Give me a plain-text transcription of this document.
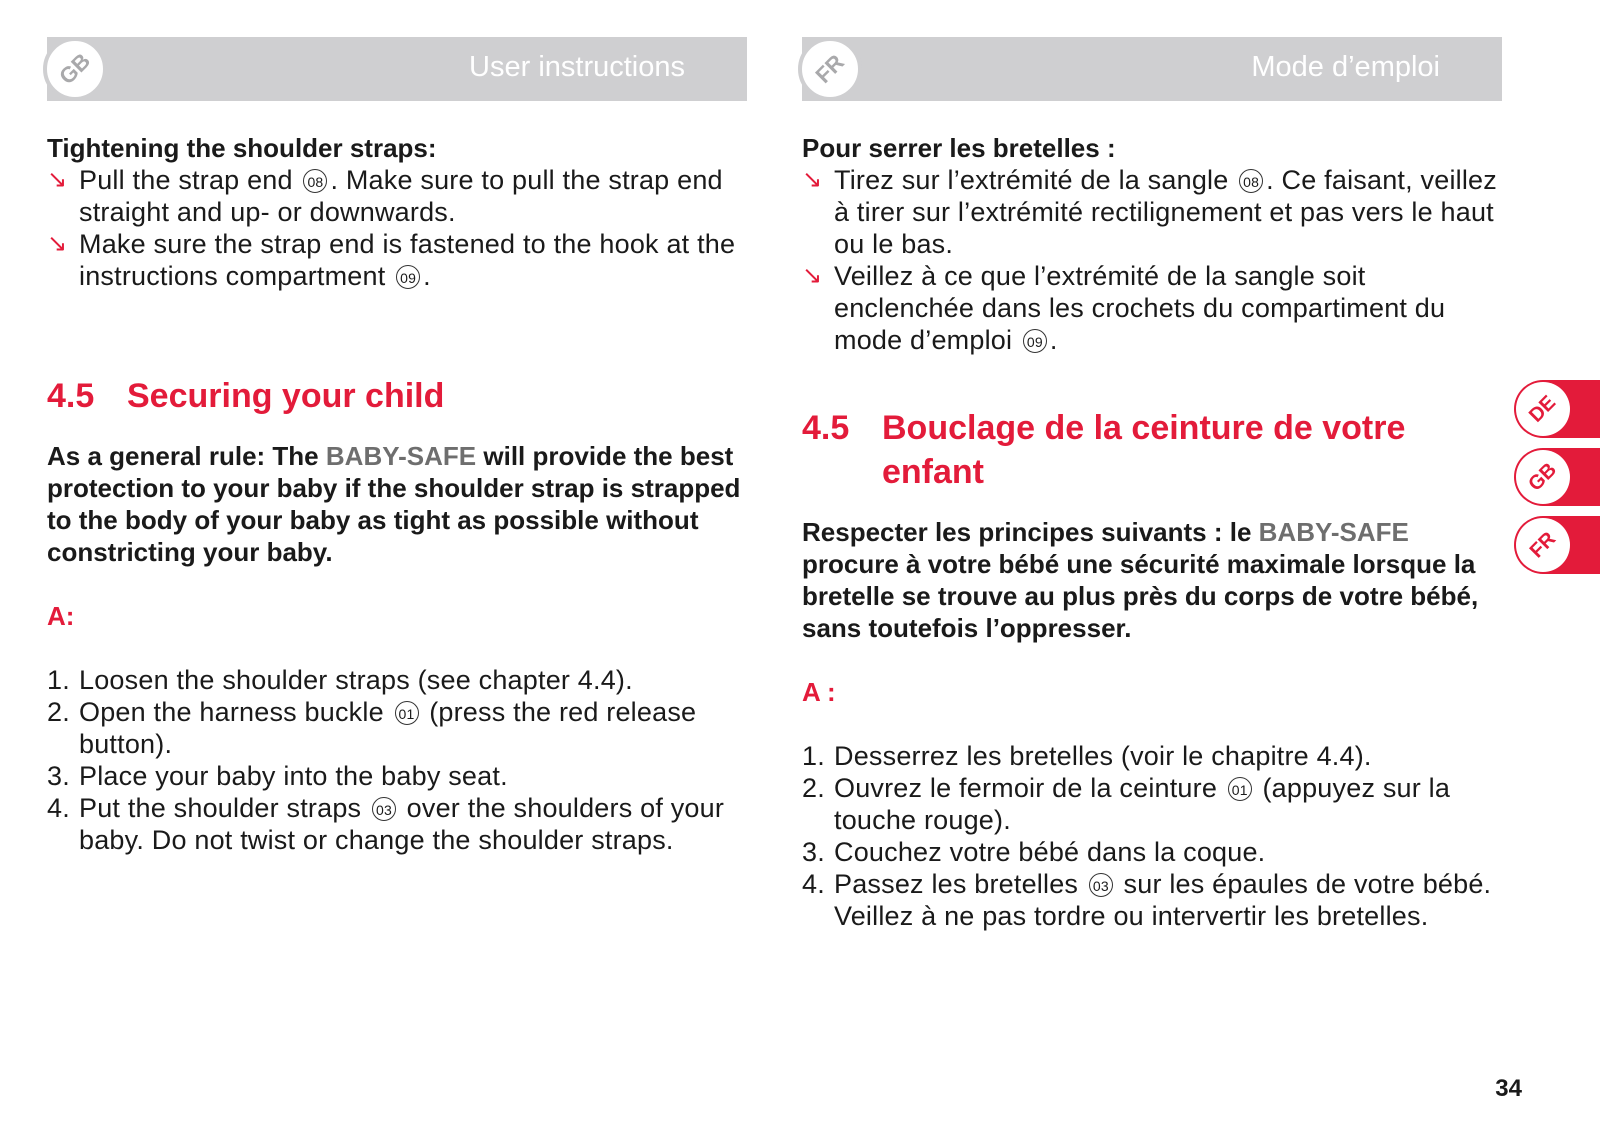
GB	User instructions

Tightening the shoulder straps:

↘ Pull the strap end 08 . Make sure to pull the strap end straight and up- or downwards.
↘ Make sure the strap end is fastened to the hook at the instructions compartment 09 .
4.5 Securing your child

As a general rule: The BABY-SAFE will provide the best protection to your baby if the shoulder strap is strapped to the body of your baby as tight as possible without constricting your baby.

A:

1. Loosen the shoulder straps (see chapter 4.4).
2. Open the harness buckle 01 (press the red release button).
3. Place your baby into the baby seat.
4. Put the shoulder straps 03 over the shoulders of your baby. Do not twist or change the shoulder straps.
FR	Mode d’emploi

Pour serrer les bretelles :

↘ Tirez sur l’extrémité de la sangle 08 . Ce faisant, veillez à tirer sur l’extrémité rectilignement et pas vers le haut ou le bas.
↘ Veillez à ce que l’extrémité de la sangle soit enclenchée dans les crochets du compartiment du mode d’emploi 09 .
4.5 Bouclage de la ceinture de votre enfant

Respecter les principes suivants : le BABY-SAFE procure à votre bébé une sécurité maximale lorsque la bretelle se trouve au plus près du corps de votre bébé, sans toutefois l’oppresser.

A :

1. Desserrez les bretelles (voir le chapitre 4.4).
2. Ouvrez le fermoir de la ceinture 01 (appuyez sur la touche rouge).
3. Couchez votre bébé dans la coque.
4. Passez les bretelles 03 sur les épaules de votre bébé. Veillez à ne pas tordre ou intervertir les bretelles.
DE
GB
FR
34
